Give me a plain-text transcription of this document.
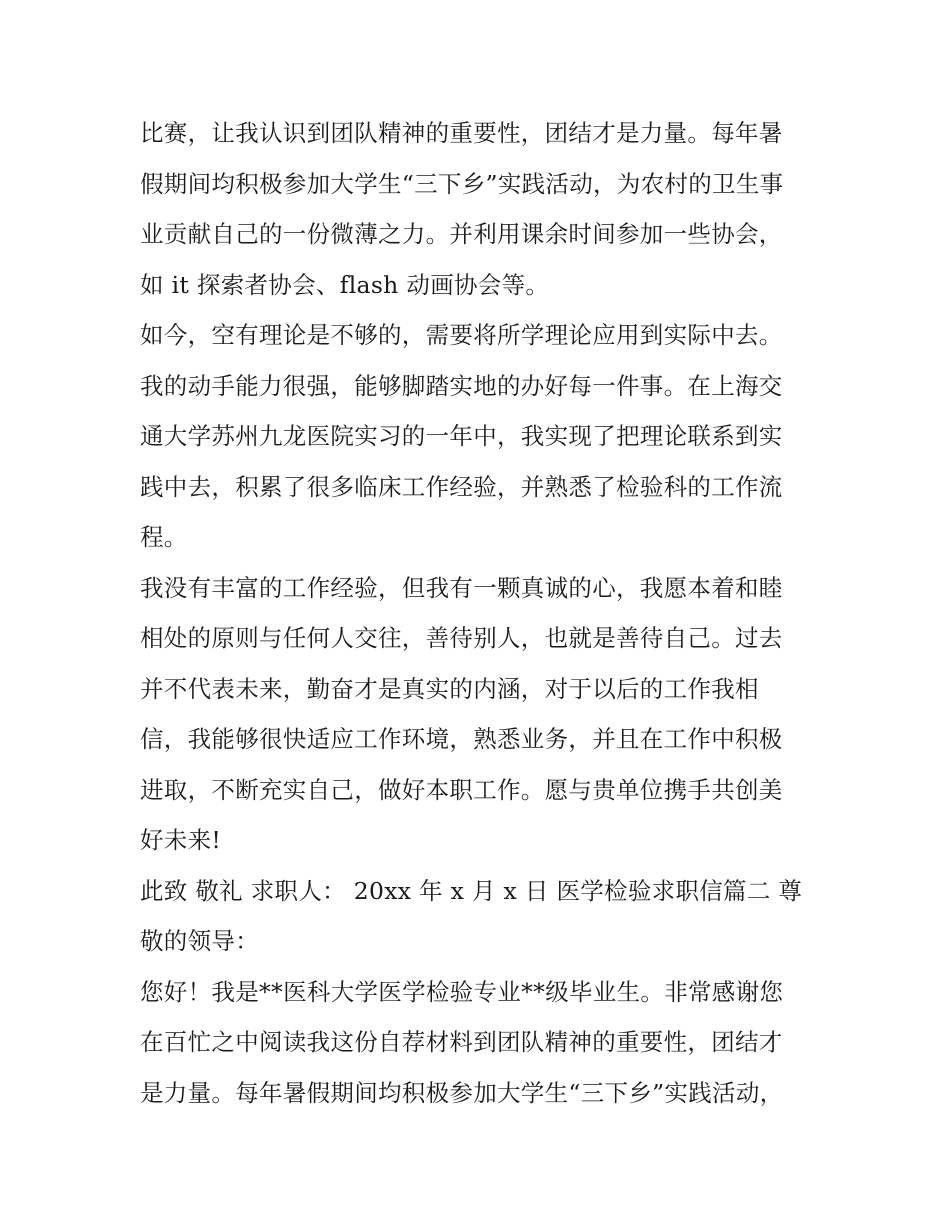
比赛，让我认识到团队精神的重要性，团结才是力量。每年暑
假期间均积极参加大学生“三下乡”实践活动，为农村的卫生事
业贡献自己的一份微薄之力。并利用课余时间参加一些协会，
如 it 探索者协会、flash 动画协会等。
如今，空有理论是不够的，需要将所学理论应用到实际中去。
我的动手能力很强，能够脚踏实地的办好每一件事。在上海交
通大学苏州九龙医院实习的一年中，我实现了把理论联系到实
践中去，积累了很多临床工作经验，并熟悉了检验科的工作流
程。
我没有丰富的工作经验，但我有一颗真诚的心，我愿本着和睦
相处的原则与任何人交往，善待别人，也就是善待自己。过去
并不代表未来，勤奋才是真实的内涵，对于以后的工作我相
信，我能够很快适应工作环境，熟悉业务，并且在工作中积极
进取，不断充实自己，做好本职工作。愿与贵单位携手共创美
好未来!
此致 敬礼 求职人： 20xx 年 x 月 x 日 医学检验求职信篇二 尊
敬的领导：
您好！我是**医科大学医学检验专业**级毕业生。非常感谢您
在百忙之中阅读我这份自荐材料到团队精神的重要性，团结才
是力量。每年暑假期间均积极参加大学生“三下乡”实践活动，
